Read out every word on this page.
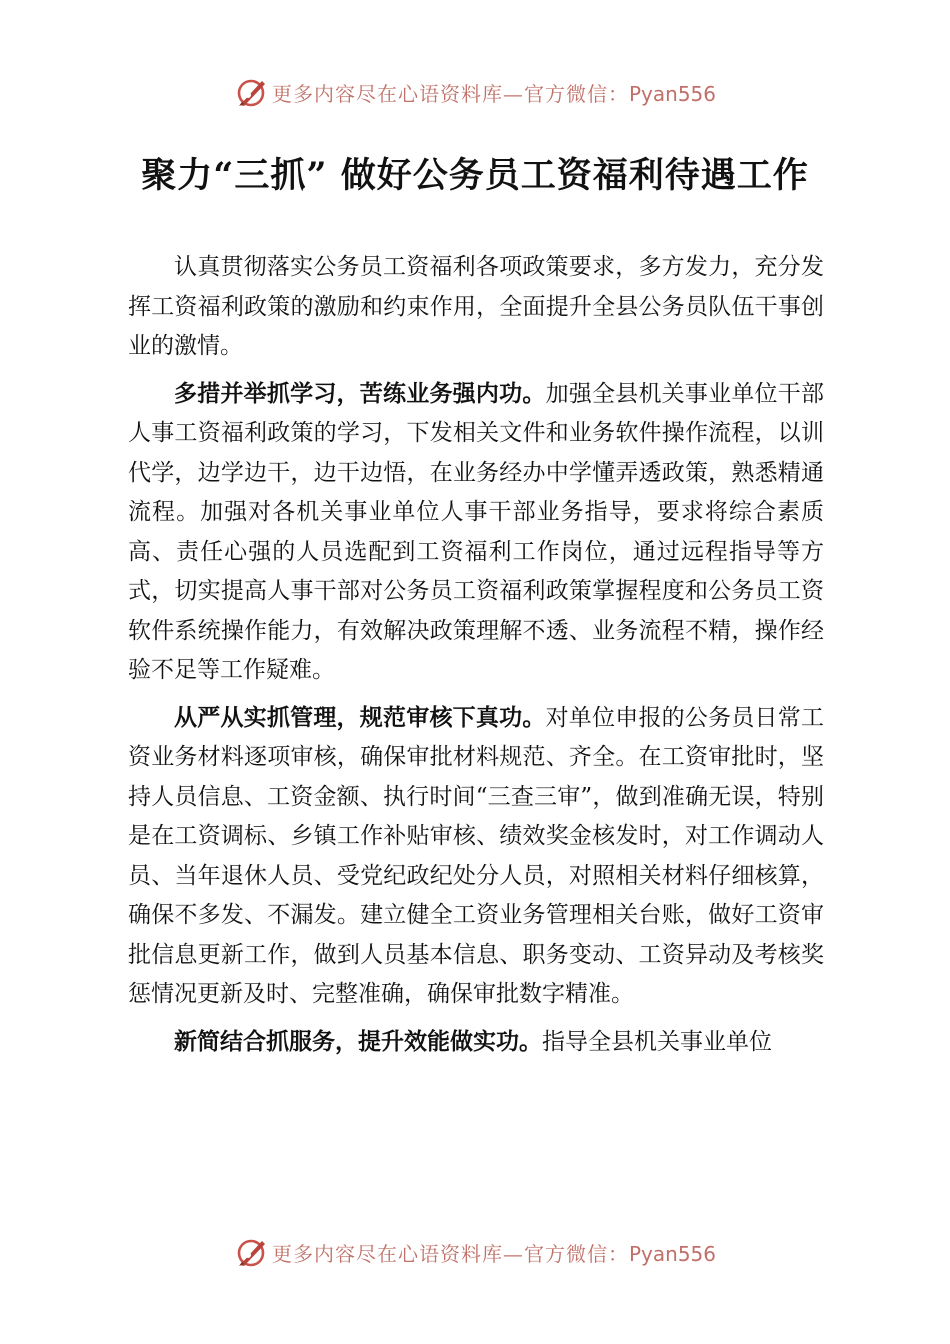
更多内容尽在心语资料库—官方微信：Pyan556
聚力“三抓” 做好公务员工资福利待遇工作

认真贯彻落实公务员工资福利各项政策要求，多方发力，充分发挥工资福利政策的激励和约束作用，全面提升全县公务员队伍干事创业的激情。

多措并举抓学习，苦练业务强内功。加强全县机关事业单位干部人事工资福利政策的学习，下发相关文件和业务软件操作流程，以训代学，边学边干，边干边悟，在业务经办中学懂弄透政策，熟悉精通流程。加强对各机关事业单位人事干部业务指导，要求将综合素质高、责任心强的人员选配到工资福利工作岗位，通过远程指导等方式，切实提高人事干部对公务员工资福利政策掌握程度和公务员工资软件系统操作能力，有效解决政策理解不透、业务流程不精，操作经验不足等工作疑难。

从严从实抓管理，规范审核下真功。对单位申报的公务员日常工资业务材料逐项审核，确保审批材料规范、齐全。在工资审批时，坚持人员信息、工资金额、执行时间“三查三审”，做到准确无误，特别是在工资调标、乡镇工作补贴审核、绩效奖金核发时，对工作调动人员、当年退休人员、受党纪政纪处分人员，对照相关材料仔细核算，确保不多发、不漏发。建立健全工资业务管理相关台账，做好工资审批信息更新工作，做到人员基本信息、职务变动、工资异动及考核奖惩情况更新及时、完整准确，确保审批数字精准。

新简结合抓服务，提升效能做实功。指导全县机关事业单位

更多内容尽在心语资料库—官方微信：Pyan556
